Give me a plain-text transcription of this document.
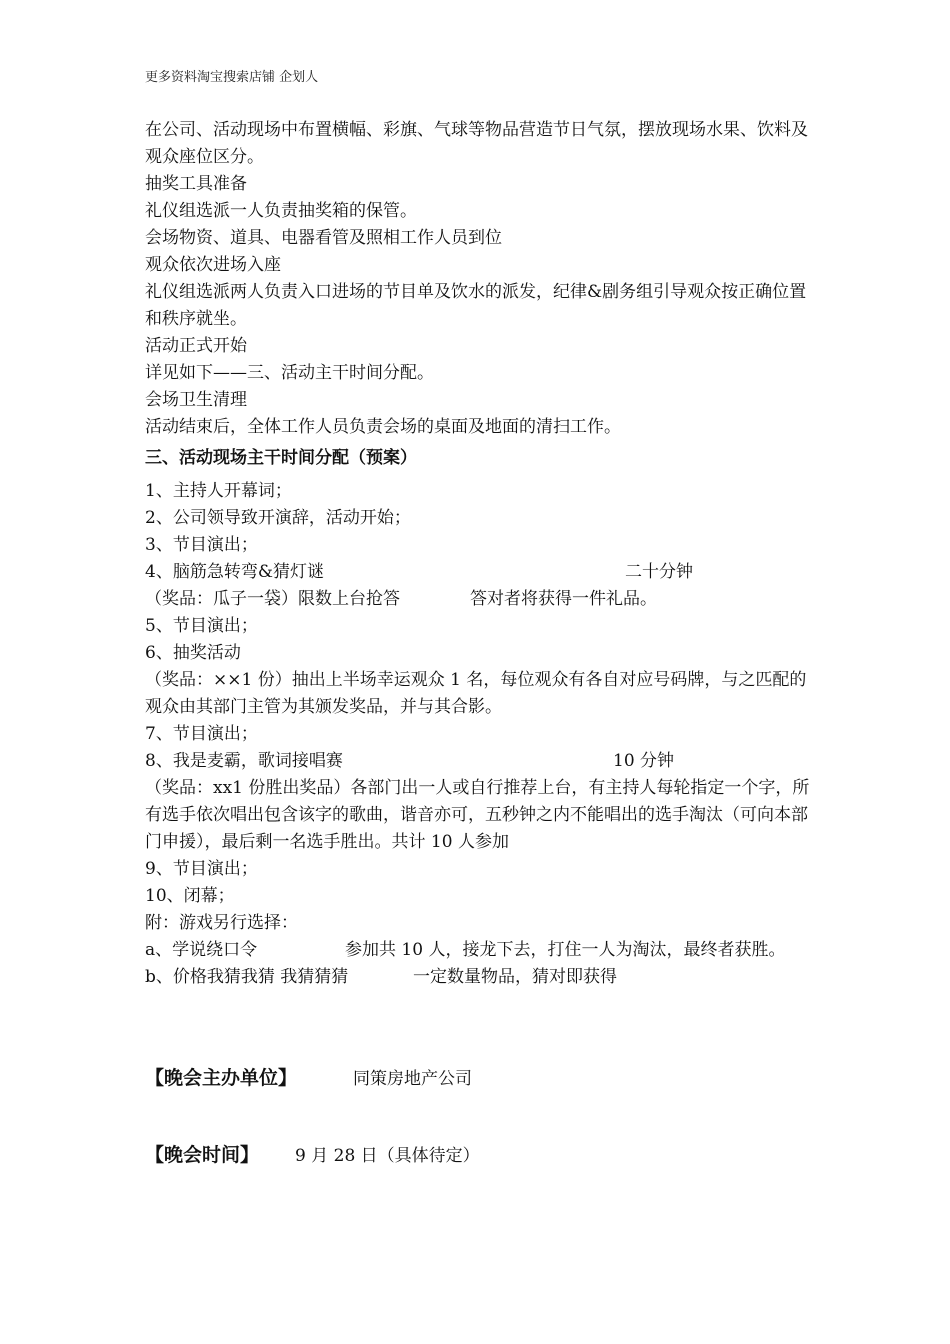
更多资料淘宝搜索店铺 企划人

在公司、活动现场中布置横幅、彩旗、气球等物品营造节日气氛，摆放现场水果、饮料及观众座位区分。

抽奖工具准备

礼仪组选派一人负责抽奖箱的保管。

会场物资、道具、电器看管及照相工作人员到位

观众依次进场入座

礼仪组选派两人负责入口进场的节目单及饮水的派发，纪律&剧务组引导观众按正确位置和秩序就坐。

活动正式开始

详见如下——三、活动主干时间分配。

会场卫生清理

活动结束后，全体工作人员负责会场的桌面及地面的清扫工作。

三、活动现场主干时间分配（预案）

1、主持人开幕词；

2、公司领导致开演辞，活动开始；

3、节目演出；

4、脑筋急转弯&猜灯谜	二十分钟

（奖品：瓜子一袋）限数上台抢答	答对者将获得一件礼品。

5、节目演出；

6、抽奖活动

（奖品：××1 份）抽出上半场幸运观众 1 名，每位观众有各自对应号码牌，与之匹配的观众由其部门主管为其颁发奖品，并与其合影。

7、节目演出；

8、我是麦霸，歌词接唱赛	10 分钟

（奖品：xx1 份胜出奖品）各部门出一人或自行推荐上台，有主持人每轮指定一个字，所有选手依次唱出包含该字的歌曲，谐音亦可，五秒钟之内不能唱出的选手淘汰（可向本部门申援），最后剩一名选手胜出。共计 10 人参加

9、节目演出；

10、闭幕；

附：游戏另行选择：

a、学说绕口令	参加共 10 人，接龙下去，打住一人为淘汰，最终者获胜。

b、价格我猜我猜 我猜猜猜	一定数量物品，猜对即获得

【晚会主办单位】	同策房地产公司
【晚会时间】 9 月 28 日（具体待定）
